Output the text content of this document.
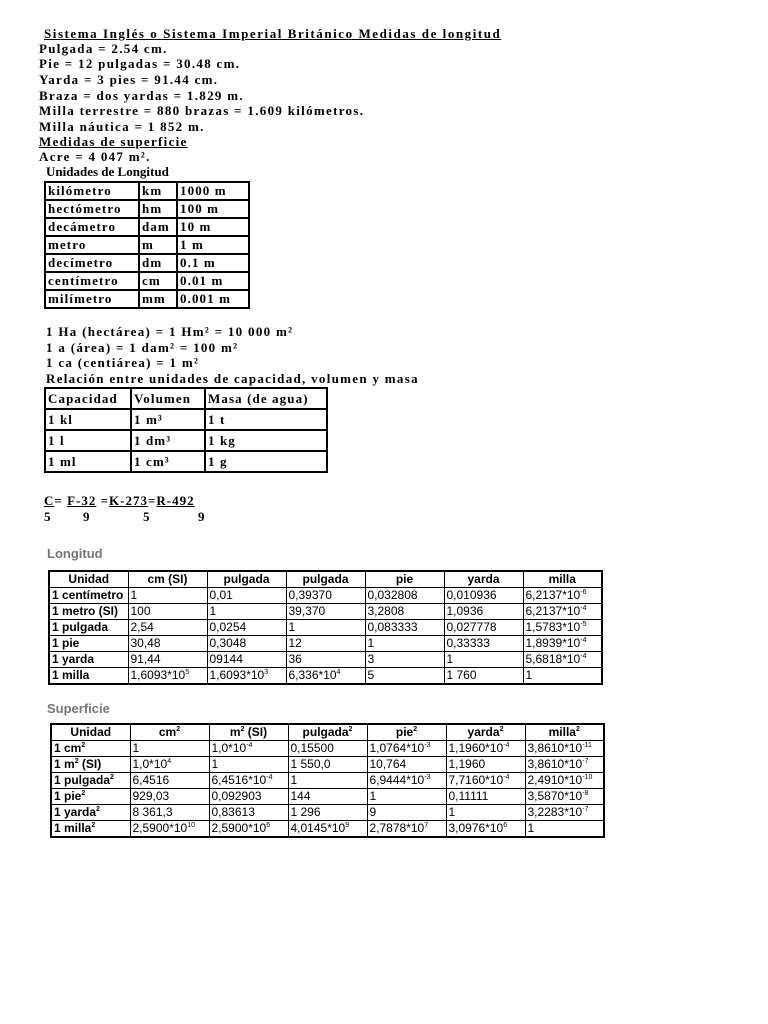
Sistema Inglés o Sistema Imperial Británico Medidas de longitud
Pulgada = 2.54 cm.
Pie = 12 pulgadas = 30.48 cm.
Yarda = 3 pies = 91.44 cm.
Braza = dos yardas = 1.829 m.
Milla terrestre = 880 brazas = 1.609 kilómetros.
Milla náutica = 1 852 m.
Medidas de superficie
Acre = 4 047 m².
Unidades de Longitud
kilómetro	km	1000 m
hectómetro	hm	100 m
decámetro	dam	10 m
metro	m	1 m
decímetro	dm	0.1 m
centímetro	cm	0.01 m
milímetro	mm	0.001 m
1 Ha (hectárea) = 1 Hm² = 10 000 m²
1 a (área) = 1 dam² = 100 m²
1 ca (centiárea) = 1 m²
Relación entre unidades de capacidad, volumen y masa
Capacidad	Volumen	Masa (de agua)
1 kl	1 m³	1 t
1 l	1 dm³	1 kg
1 ml	1 cm³	1 g
C= F-32 =K-273=R-492
5 9	5	9
Longitud
Unidad	cm (SI)	pulgada	pulgada	pie	yarda	milla
1 centímetro	1	0,01	0,39370	0,032808	0,010936	$6,2137*10^{-6}$
1 metro (SI)	100	1	39,370	3,2808	1,0936	$6,2137*10^{-4}$
1 pulgada	2,54	0,0254	1	0,083333	0,027778	$1,5783*10^{-5}$
1 pie	30,48	0,3048	12	1	0,33333	$1,8939*10^{-4}$
1 yarda	91,44	09144	36	3	1	$5,6818*10^{-4}$
1 milla	$1,6093*10^5$	$1,6093*10^3$	$6,336*10^4$	5	1 760	1
Superficie
Unidad	$cm^2$	$m^2$ (SI)	pulgada$^2$	pie$^2$	yarda$^2$	milla$^2$
1 $cm^2$	1	$1,0*10^{-4}$	0,15500	$1,0764*10^{-3}$	$1,1960*10^{-4}$	$3,8610*10^{-11}$
1 $m^2$ (SI)	$1,0*10^4$	1	1 550,0	10,764	1,1960	$3,8610*10^{-7}$
1 pulgada$^2$	6,4516	$6,4516*10^{-4}$	1	$6,9444*10^{-3}$	$7,7160*10^{-4}$	$2,4910*10^{-10}$
1 pie$^2$	929,03	0,092903	144	1	0,11111	$3,5870*10^{-8}$
1 yarda$^2$	8 361,3	0,83613	1 296	9	1	$3,2283*10^{-7}$
1 milla$^2$	$2,5900*10^{10}$	$2,5900*10^6$	$4,0145*10^9$	$2,7878*10^7$	$3,0976*10^6$	1
